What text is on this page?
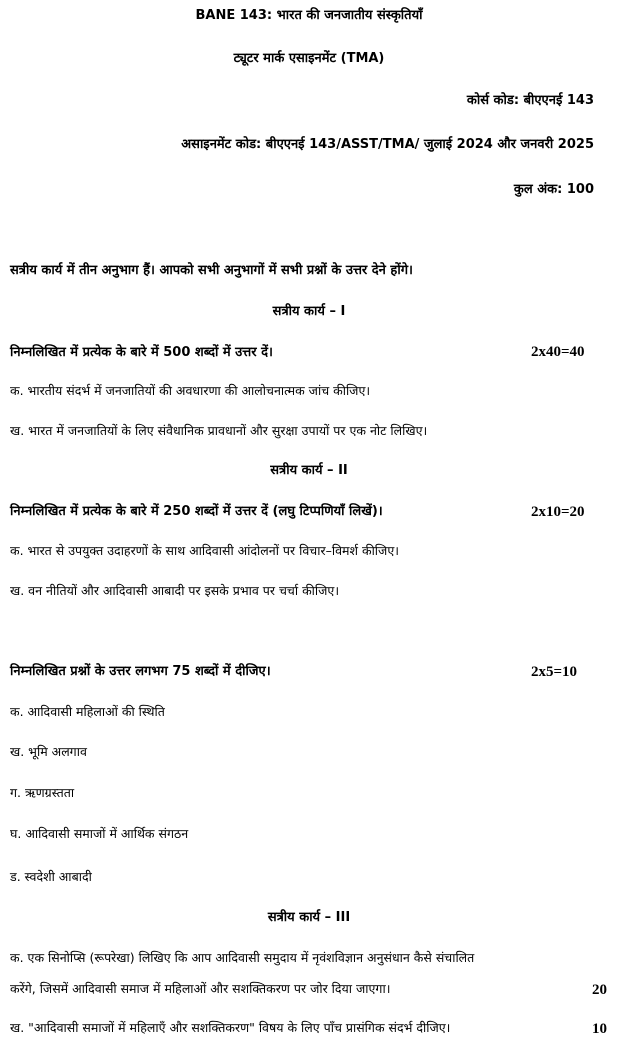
BANE 143: भारत की जनजातीय संस्कृतियाँ
ट्यूटर मार्क एसाइनमेंट (TMA)
कोर्स कोड: बीएएनई 143
असाइनमेंट कोड: बीएएनई 143/ASST/TMA/ जुलाई 2024 और जनवरी 2025
कुल अंक: 100
सत्रीय कार्य में तीन अनुभाग हैं। आपको सभी अनुभागों में सभी प्रश्नों के उत्तर देने होंगे।
सत्रीय कार्य – I
निम्नलिखित में प्रत्येक के बारे में 500 शब्दों में उत्तर दें।	2x40=40
क. भारतीय संदर्भ में जनजातियों की अवधारणा की आलोचनात्मक जांच कीजिए।
ख. भारत में जनजातियों के लिए संवैधानिक प्रावधानों और सुरक्षा उपायों पर एक नोट लिखिए।
सत्रीय कार्य – II
निम्नलिखित में प्रत्येक के बारे में 250 शब्दों में उत्तर दें (लघु टिप्पणियाँ लिखें)।	2x10=20
क. भारत से उपयुक्त उदाहरणों के साथ आदिवासी आंदोलनों पर विचार–विमर्श कीजिए।
ख. वन नीतियों और आदिवासी आबादी पर इसके प्रभाव पर चर्चा कीजिए।
निम्नलिखित प्रश्नों के उत्तर लगभग 75 शब्दों में दीजिए।	2x5=10
क. आदिवासी महिलाओं की स्थिति
ख. भूमि अलगाव
ग. ऋणग्रस्तता
घ. आदिवासी समाजों में आर्थिक संगठन
ड. स्वदेशी आबादी
सत्रीय कार्य – III
क. एक सिनोप्सि (रूपरेखा) लिखिए कि आप आदिवासी समुदाय में नृवंशविज्ञान अनुसंधान कैसे संचालित
करेंगे, जिसमें आदिवासी समाज में महिलाओं और सशक्तिकरण पर जोर दिया जाएगा।	20
ख. "आदिवासी समाजों में महिलाएँ और सशक्तिकरण" विषय के लिए पाँच प्रासंगिक संदर्भ दीजिए।	10
